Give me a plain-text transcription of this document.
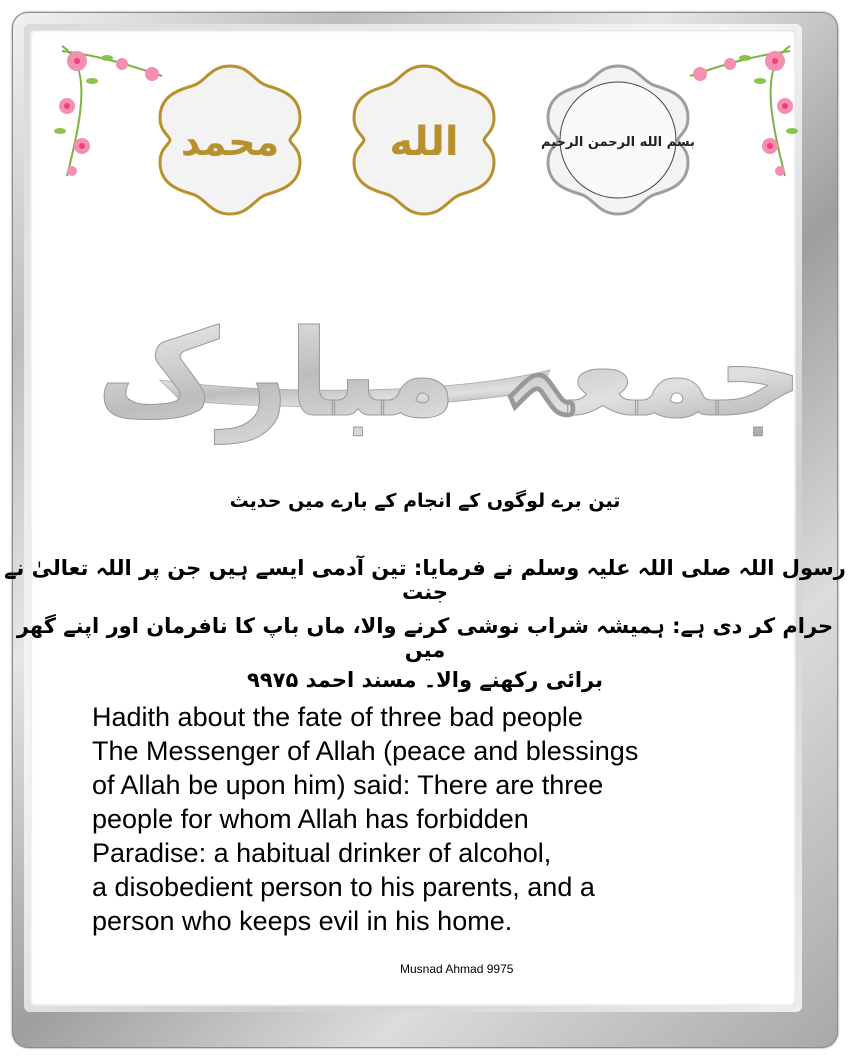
محمد	الله	بسم الله الرحمن الرحيم
جمعہ مبارک
تین برے لوگوں کے انجام کے بارے میں حدیث
رسول اللہ صلی اللہ علیہ وسلم نے فرمایا: تین آدمی ایسے ہیں جن پر اللہ تعالیٰ نے جنت
حرام کر دی ہے: ہمیشہ شراب نوشی کرنے والا، ماں باپ کا نافرمان اور اپنے گھر میں
برائی رکھنے والا۔ مسند احمد ۹۹۷۵
Hadith about the fate of three bad people
The Messenger of Allah (peace and blessings
of Allah be upon him) said: There are three
people for whom Allah has forbidden
Paradise: a habitual drinker of alcohol,
a disobedient person to his parents, and a
person who keeps evil in his home.
Musnad Ahmad 9975
